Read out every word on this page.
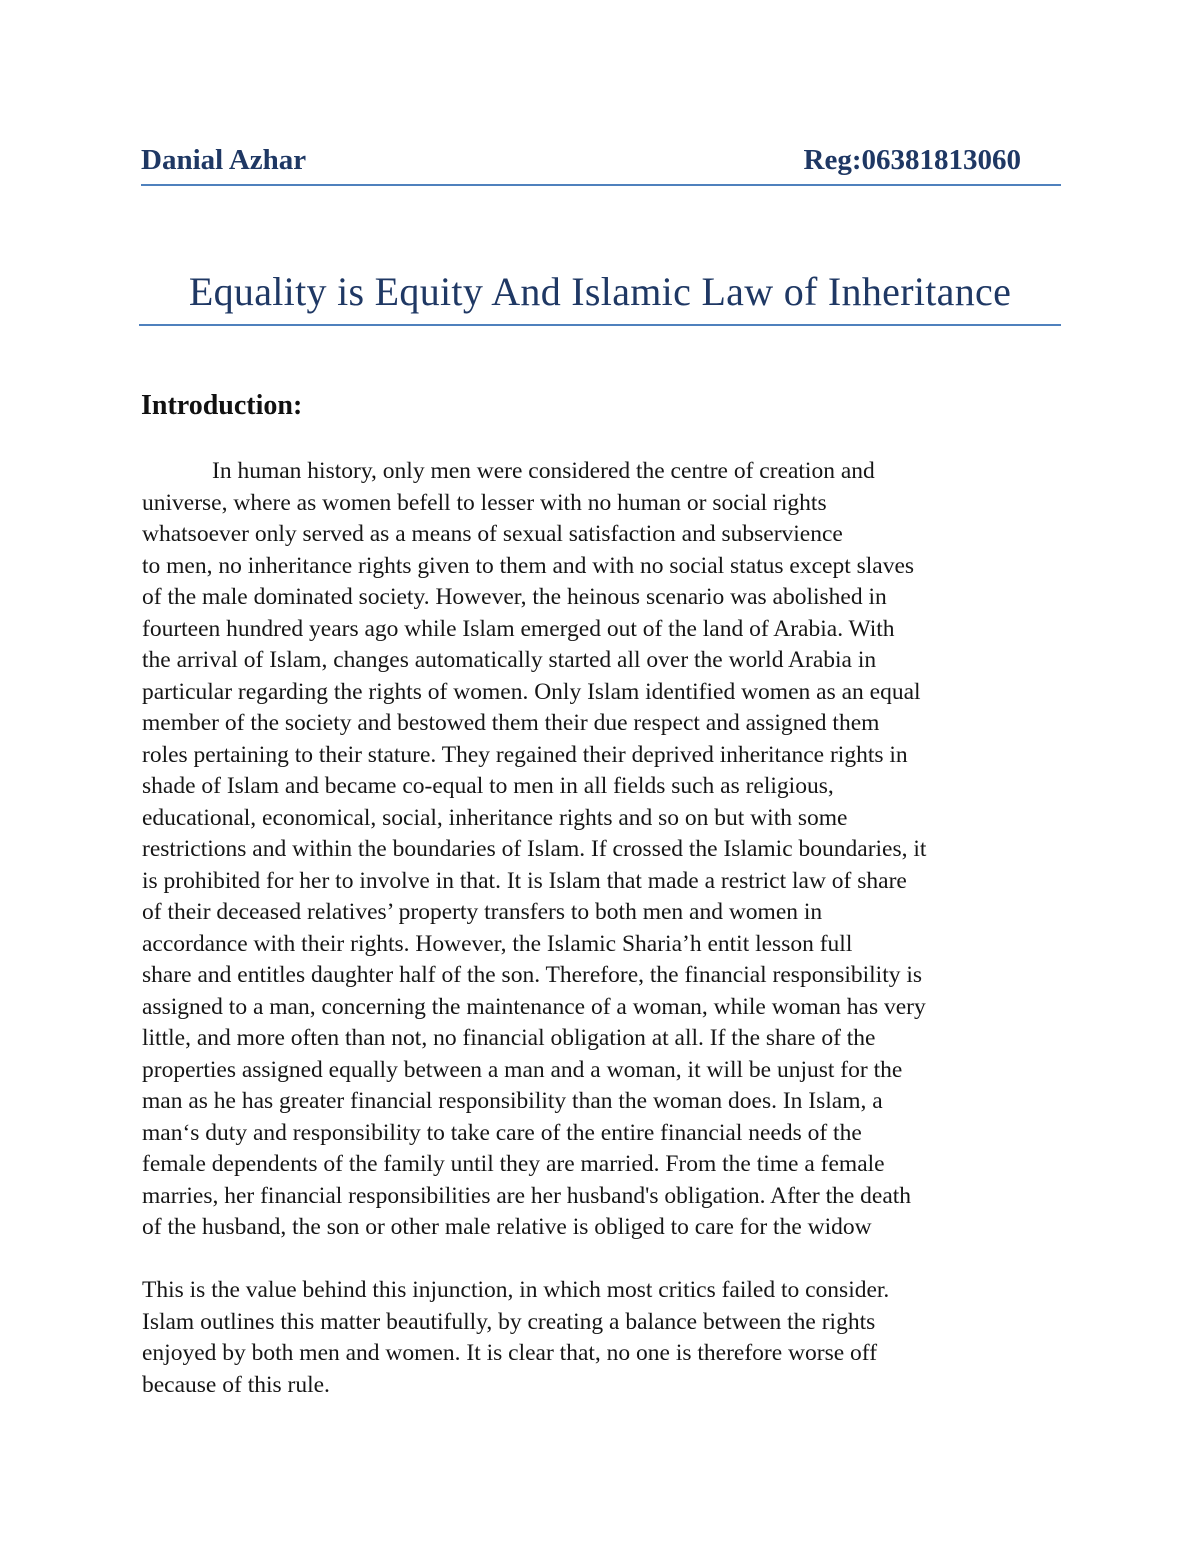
Danial Azhar	Reg:06381813060
Equality is Equity And Islamic Law of Inheritance
Introduction:
In human history, only men were considered the centre of creation and
universe, where as women befell to lesser with no human or social rights
whatsoever only served as a means of sexual satisfaction and subservience
to men, no inheritance rights given to them and with no social status except slaves
of the male dominated society. However, the heinous scenario was abolished in
fourteen hundred years ago while Islam emerged out of the land of Arabia. With
the arrival of Islam, changes automatically started all over the world Arabia in
particular regarding the rights of women. Only Islam identified women as an equal
member of the society and bestowed them their due respect and assigned them
roles pertaining to their stature. They regained their deprived inheritance rights in
shade of Islam and became co-equal to men in all fields such as religious,
educational, economical, social, inheritance rights and so on but with some
restrictions and within the boundaries of Islam. If crossed the Islamic boundaries, it
is prohibited for her to involve in that. It is Islam that made a restrict law of share
of their deceased relatives’ property transfers to both men and women in
accordance with their rights. However, the Islamic Sharia’h entit lesson full
share and entitles daughter half of the son. Therefore, the financial responsibility is
assigned to a man, concerning the maintenance of a woman, while woman has very
little, and more often than not, no financial obligation at all. If the share of the
properties assigned equally between a man and a woman, it will be unjust for the
man as he has greater financial responsibility than the woman does. In Islam, a
man‘s duty and responsibility to take care of the entire financial needs of the
female dependents of the family until they are married. From the time a female
marries, her financial responsibilities are her husband's obligation. After the death
of the husband, the son or other male relative is obliged to care for the widow
This is the value behind this injunction, in which most critics failed to consider.
Islam outlines this matter beautifully, by creating a balance between the rights
enjoyed by both men and women. It is clear that, no one is therefore worse off
because of this rule.
